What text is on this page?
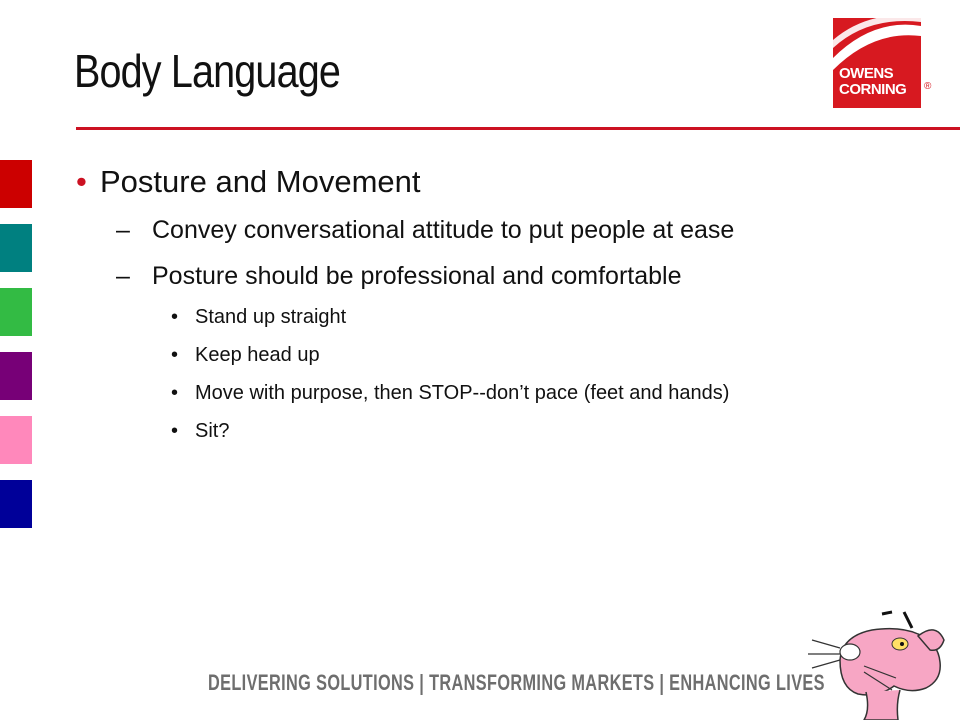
Body Language	OWENS
CORNING	®
• Posture and Movement
– Convey conversational attitude to put people at ease
– Posture should be professional and comfortable
• Stand up straight
• Keep head up
• Move with purpose, then STOP--don’t pace (feet and hands)
• Sit?
DELIVERING SOLUTIONS | TRANSFORMING MARKETS | ENHANCING LIVES
